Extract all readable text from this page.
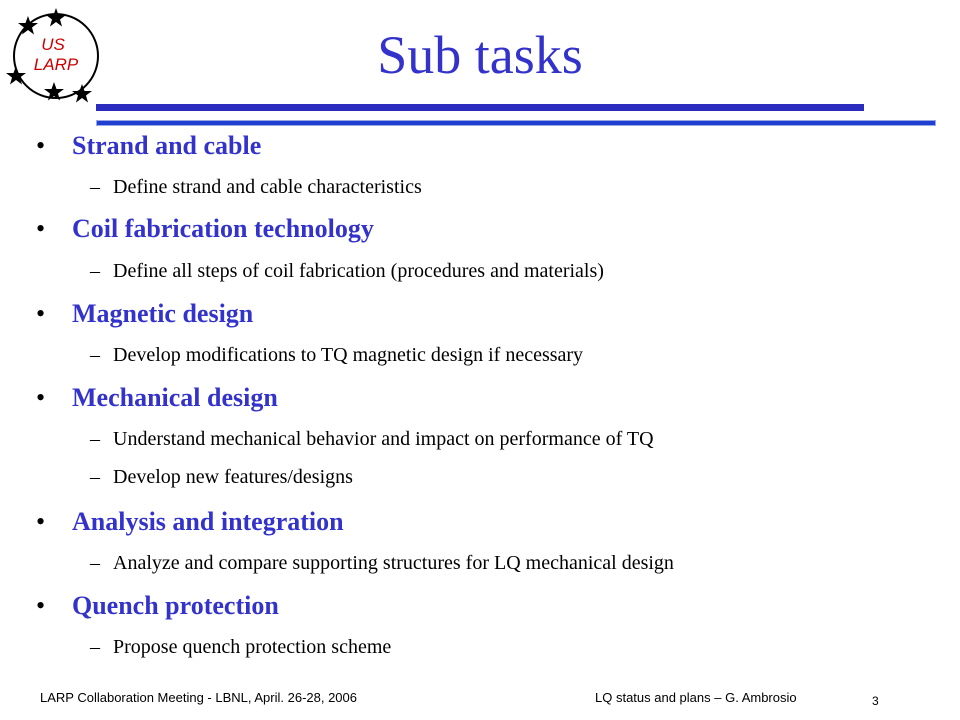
US
LARP	Sub tasks
• Strand and cable
– Define strand and cable characteristics
• Coil fabrication technology
– Define all steps of coil fabrication (procedures and materials)
• Magnetic design
– Develop modifications to TQ magnetic design if necessary
• Mechanical design
– Understand mechanical behavior and impact on performance of TQ
– Develop new features/designs
• Analysis and integration
– Analyze and compare supporting structures for LQ mechanical design
• Quench protection
– Propose quench protection scheme
LARP Collaboration Meeting - LBNL, April. 26-28, 2006	LQ status and plans – G. Ambrosio	3
